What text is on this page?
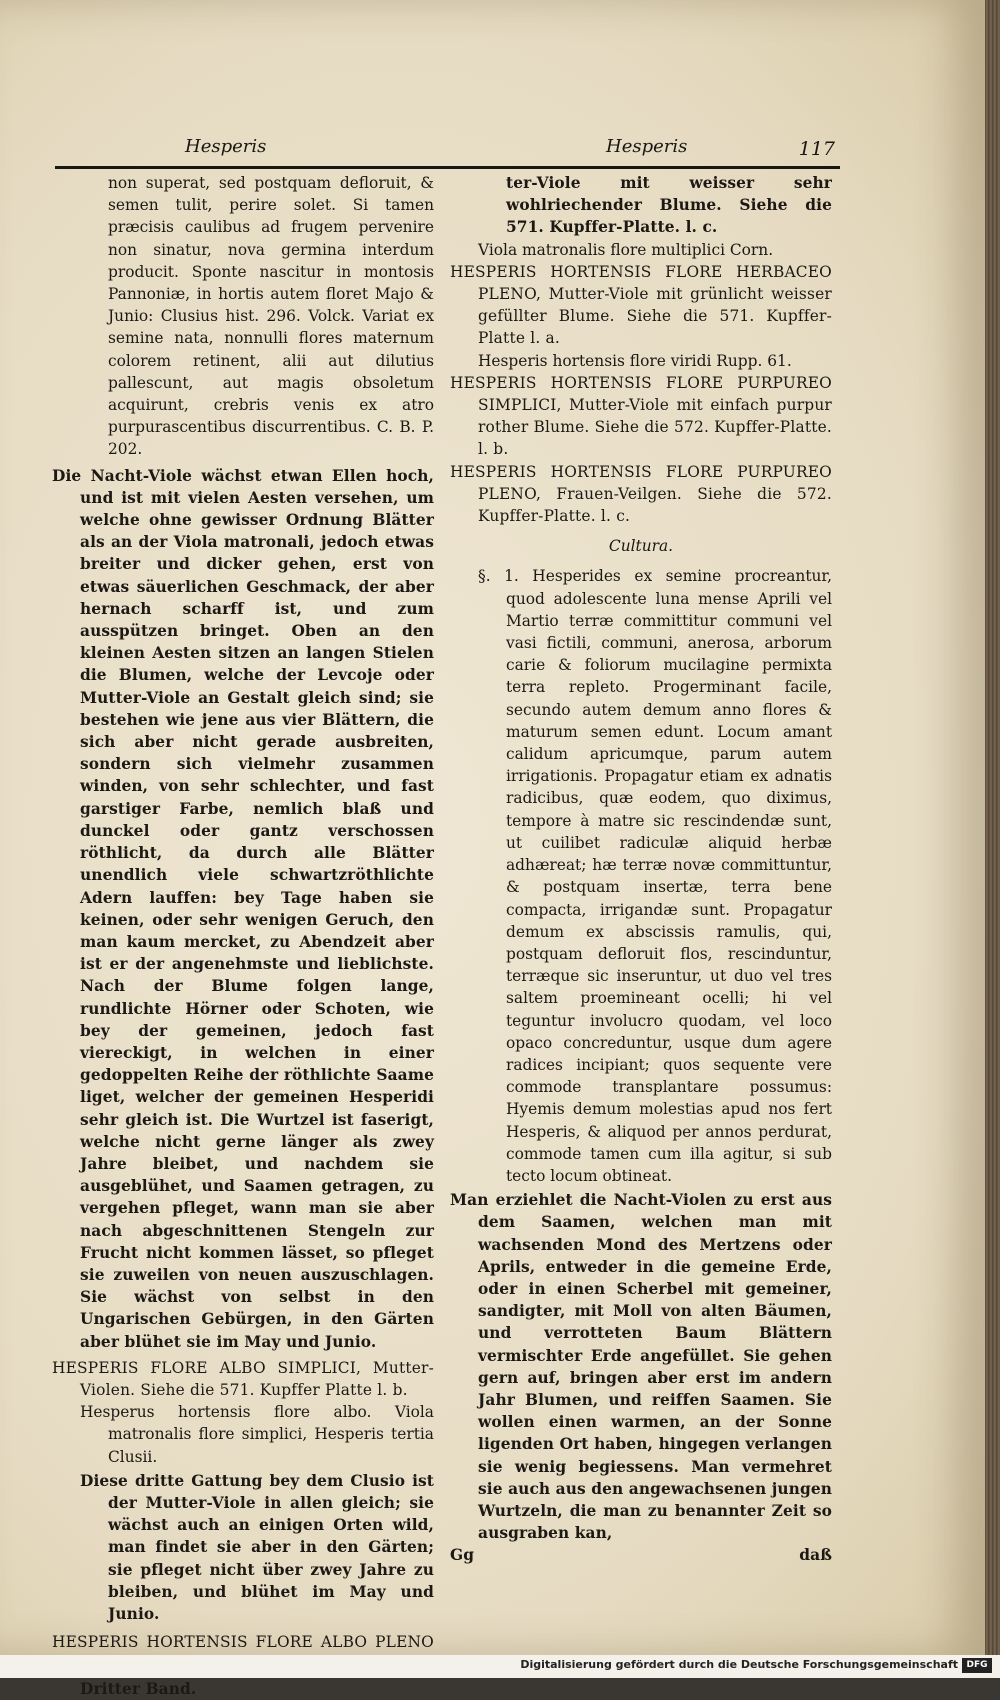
Hesperis	Hesperis	117

non superat, sed postquam defloruit, & semen tulit, perire solet. Si tamen præcisis caulibus ad frugem pervenire non sinatur, nova germina interdum producit. Sponte nascitur in montosis Pannoniæ, in hortis autem floret Majo & Junio: Clusius hist. 296. Volck. Variat ex semine nata, nonnulli flores maternum colorem retinent, alii aut dilutius pallescunt, aut magis obsoletum acquirunt, crebris venis ex atro purpurascentibus discurrentibus. C. B. P. 202.

Die Nacht-Viole wächst etwan Ellen hoch, und ist mit vielen Aesten versehen, um welche ohne gewisser Ordnung Blätter als an der Viola matronali, jedoch etwas breiter und dicker gehen, erst von etwas säuerlichen Geschmack, der aber hernach scharff ist, und zum ausspützen bringet. Oben an den kleinen Aesten sitzen an langen Stielen die Blumen, welche der Levcoje oder Mutter-Viole an Gestalt gleich sind; sie bestehen wie jene aus vier Blättern, die sich aber nicht gerade ausbreiten, sondern sich vielmehr zusammen winden, von sehr schlechter, und fast garstiger Farbe, nemlich blaß und dunckel oder gantz verschossen röthlicht, da durch alle Blätter unendlich viele schwartzröthlichte Adern lauffen: bey Tage haben sie keinen, oder sehr wenigen Geruch, den man kaum mercket, zu Abendzeit aber ist er der angenehmste und lieblichste. Nach der Blume folgen lange, rundlichte Hörner oder Schoten, wie bey der gemeinen, jedoch fast viereckigt, in welchen in einer gedoppelten Reihe der röthlichte Saame liget, welcher der gemeinen Hesperidi sehr gleich ist. Die Wurtzel ist faserigt, welche nicht gerne länger als zwey Jahre bleibet, und nachdem sie ausgeblühet, und Saamen getragen, zu vergehen pfleget, wann man sie aber nach abgeschnittenen Stengeln zur Frucht nicht kommen lässet, so pfleget sie zuweilen von neuen auszuschlagen. Sie wächst von selbst in den Ungarischen Gebürgen, in den Gärten aber blühet sie im May und Junio.

HESPERIS FLORE ALBO SIMPLICI, Mutter-Violen. Siehe die 571. Kupffer Platte l. b.

Hesperus hortensis flore albo. Viola matronalis flore simplici, Hesperis tertia Clusii.

Diese dritte Gattung bey dem Clusio ist der Mutter-Viole in allen gleich; sie wächst auch an einigen Orten wild, man findet sie aber in den Gärten; sie pfleget nicht über zwey Jahre zu bleiben, und blühet im May und Junio.

HESPERIS HORTENSIS FLORE ALBO PLENO

Dritter Band.

ter-Viole mit weisser sehr wohlriechender Blume. Siehe die 571. Kupffer-Platte. l. c.

Viola matronalis flore multiplici Corn.

HESPERIS HORTENSIS FLORE HERBACEO PLENO, Mutter-Viole mit grünlicht weisser gefüllter Blume. Siehe die 571. Kupffer-Platte l. a.

Hesperis hortensis flore viridi Rupp. 61.

HESPERIS HORTENSIS FLORE PURPUREO SIMPLICI, Mutter-Viole mit einfach purpur rother Blume. Siehe die 572. Kupffer-Platte. l. b.

HESPERIS HORTENSIS FLORE PURPUREO PLENO, Frauen-Veilgen. Siehe die 572. Kupffer-Platte. l. c.

Cultura.

§. 1. Hesperides ex semine procreantur, quod adolescente luna mense Aprili vel Martio terræ committitur communi vel vasi fictili, communi, anerosa, arborum carie & foliorum mucilagine permixta terra repleto. Progerminant facile, secundo autem demum anno flores & maturum semen edunt. Locum amant calidum apricumque, parum autem irrigationis. Propagatur etiam ex adnatis radicibus, quæ eodem, quo diximus, tempore à matre sic rescindendæ sunt, ut cuilibet radiculæ aliquid herbæ adhæreat; hæ terræ novæ committuntur, & postquam insertæ, terra bene compacta, irrigandæ sunt. Propagatur demum ex abscissis ramulis, qui, postquam defloruit flos, rescinduntur, terræque sic inseruntur, ut duo vel tres saltem proemineant ocelli; hi vel teguntur involucro quodam, vel loco opaco concreduntur, usque dum agere radices incipiant; quos sequente vere commode transplantare possumus: Hyemis demum molestias apud nos fert Hesperis, & aliquod per annos perdurat, commode tamen cum illa agitur, si sub tecto locum obtineat.

Man erziehlet die Nacht-Violen zu erst aus dem Saamen, welchen man mit wachsenden Mond des Mertzens oder Aprils, entweder in die gemeine Erde, oder in einen Scherbel mit gemeiner, sandigter, mit Moll von alten Bäumen, und verrotteten Baum Blättern vermischter Erde angefüllet. Sie gehen gern auf, bringen aber erst im andern Jahr Blumen, und reiffen Saamen. Sie wollen einen warmen, an der Sonne ligenden Ort haben, hingegen verlangen sie wenig begiessens. Man vermehret sie auch aus den angewachsenen jungen Wurtzeln, die man zu benannter Zeit so ausgraben kan,

Gg	daß

Digitalisierung gefördert durch die Deutsche Forschungsgemeinschaft DFG
